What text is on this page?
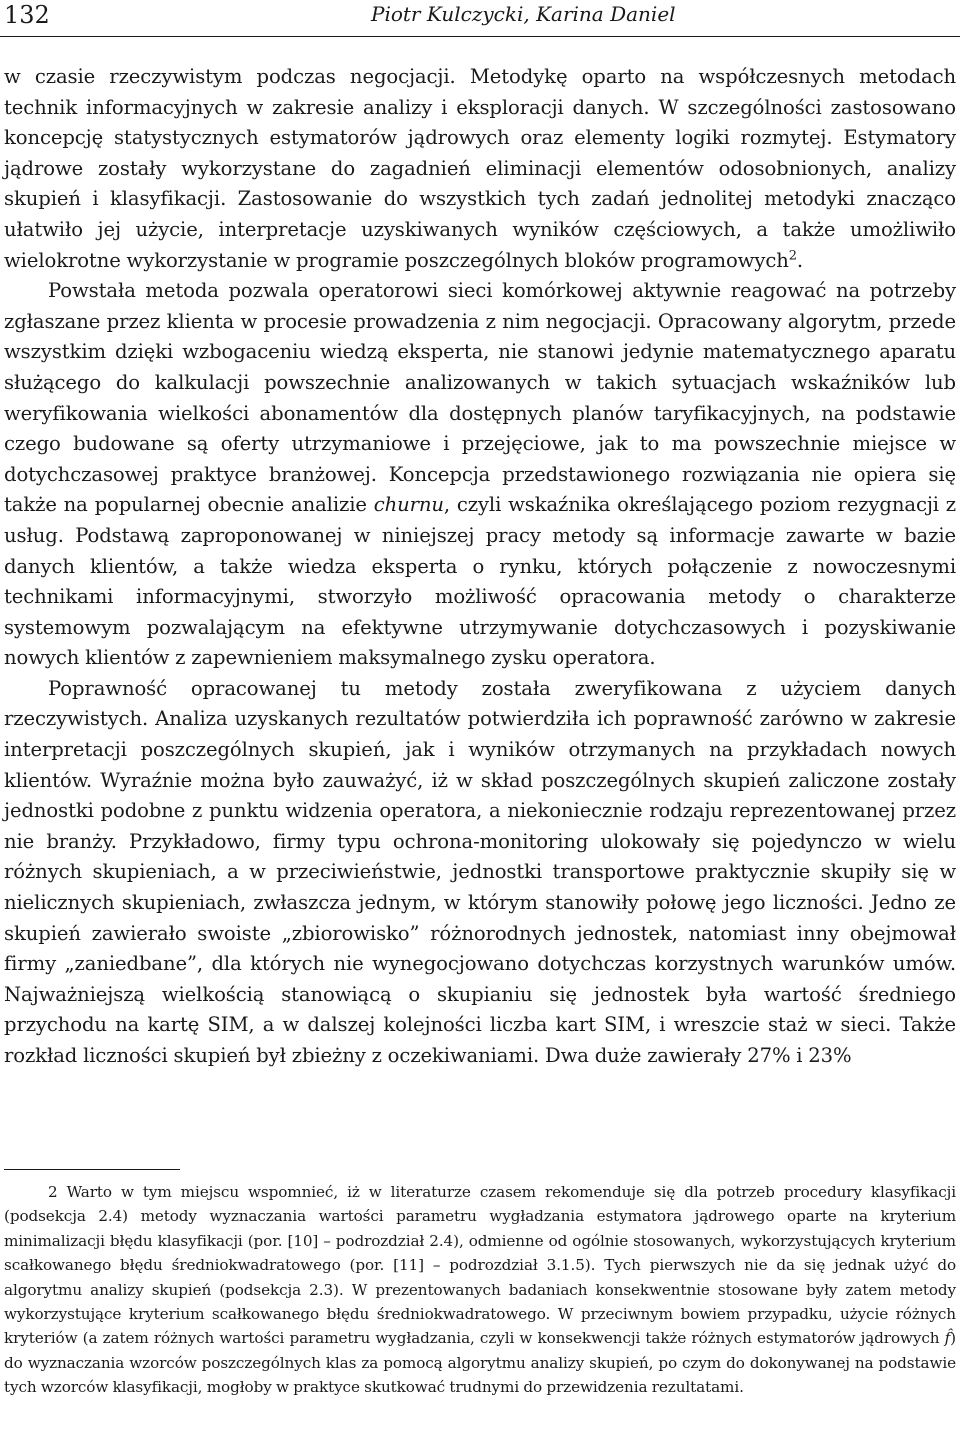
132	Piotr Kulczycki, Karina Daniel

w czasie rzeczywistym podczas negocjacji. Metodykę oparto na współczesnych metodach technik informacyjnych w zakresie analizy i eksploracji danych. W szczególności zastosowano koncepcję statystycznych estymatorów jądrowych oraz elementy logiki rozmytej. Estymatory jądrowe zostały wykorzystane do zagadnień eliminacji elementów odosobnionych, analizy skupień i klasyfikacji. Zastosowanie do wszystkich tych zadań jednolitej metodyki znacząco ułatwiło jej użycie, interpretacje uzyskiwanych wyników częściowych, a także umożliwiło wielokrotne wykorzystanie w programie poszczególnych bloków programowych$^2$.

Powstała metoda pozwala operatorowi sieci komórkowej aktywnie reagować na potrzeby zgłaszane przez klienta w procesie prowadzenia z nim negocjacji. Opracowany algorytm, przede wszystkim dzięki wzbogaceniu wiedzą eksperta, nie stanowi jedynie matematycznego aparatu służącego do kalkulacji powszechnie analizowanych w takich sytuacjach wskaźników lub weryfikowania wielkości abonamentów dla dostępnych planów taryfikacyjnych, na podstawie czego budowane są oferty utrzymaniowe i przejęciowe, jak to ma powszechnie miejsce w dotychczasowej praktyce branżowej. Koncepcja przedstawionego rozwiązania nie opiera się także na popularnej obecnie analizie churnu, czyli wskaźnika określającego poziom rezygnacji z usług. Podstawą zaproponowanej w niniejszej pracy metody są informacje zawarte w bazie danych klientów, a także wiedza eksperta o rynku, których połączenie z nowoczesnymi technikami informacyjnymi, stworzyło możliwość opracowania metody o charakterze systemowym pozwalającym na efektywne utrzymywanie dotychczasowych i pozyskiwanie nowych klientów z zapewnieniem maksymalnego zysku operatora.

Poprawność opracowanej tu metody została zweryfikowana z użyciem danych rzeczywistych. Analiza uzyskanych rezultatów potwierdziła ich poprawność zarówno w zakresie interpretacji poszczególnych skupień, jak i wyników otrzymanych na przykładach nowych klientów. Wyraźnie można było zauważyć, iż w skład poszczególnych skupień zaliczone zostały jednostki podobne z punktu widzenia operatora, a niekoniecznie rodzaju reprezentowanej przez nie branży. Przykładowo, firmy typu ochrona-monitoring ulokowały się pojedynczo w wielu różnych skupieniach, a w przeciwieństwie, jednostki transportowe praktycznie skupiły się w nielicznych skupieniach, zwłaszcza jednym, w którym stanowiły połowę jego liczności. Jedno ze skupień zawierało swoiste „zbiorowisko” różnorodnych jednostek, natomiast inny obejmował firmy „zaniedbane”, dla których nie wynegocjowano dotychczas korzystnych warunków umów. Najważniejszą wielkością stanowiącą o skupianiu się jednostek była wartość średniego przychodu na kartę SIM, a w dalszej kolejności liczba kart SIM, i wreszcie staż w sieci. Także rozkład liczności skupień był zbieżny z oczekiwaniami. Dwa duże zawierały 27% i 23%

2 Warto w tym miejscu wspomnieć, iż w literaturze czasem rekomenduje się dla potrzeb procedury klasyfikacji (podsekcja 2.4) metody wyznaczania wartości parametru wygładzania estymatora jądrowego oparte na kryterium minimalizacji błędu klasyfikacji (por. [10] – podrozdział 2.4), odmienne od ogólnie stosowanych, wykorzystujących kryterium scałkowanego błędu średniokwadratowego (por. [11] – podrozdział 3.1.5). Tych pierwszych nie da się jednak użyć do algorytmu analizy skupień (podsekcja 2.3). W prezentowanych badaniach konsekwentnie stosowane były zatem metody wykorzystujące kryterium scałkowanego błędu średniokwadratowego. W przeciwnym bowiem przypadku, użycie różnych kryteriów (a zatem różnych wartości parametru wygładzania, czyli w konsekwencji także różnych estymatorów jądrowych f̂) do wyznaczania wzorców poszczególnych klas za pomocą algorytmu analizy skupień, po czym do dokonywanej na podstawie tych wzorców klasyfikacji, mogłoby w praktyce skutkować trudnymi do przewidzenia rezultatami.
